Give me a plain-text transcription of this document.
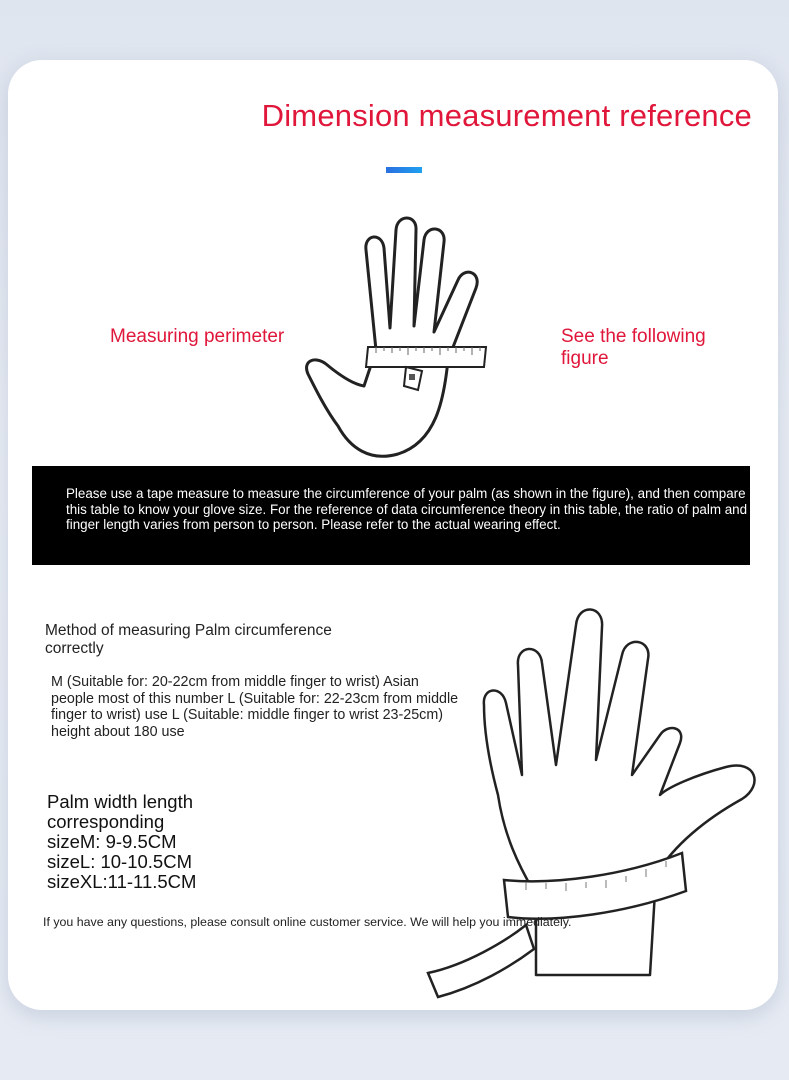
Dimension measurement reference
Measuring perimeter	See the following figure

Please use a tape measure to measure the circumference of your palm (as shown in the figure), and then compare this table to know your glove size. For the reference of data circumference theory in this table, the ratio of palm and finger length varies from person to person. Please refer to the actual wearing effect.

Method of measuring Palm circumference correctly
M (Suitable for: 20-22cm from middle finger to wrist) Asian people most of this number L (Suitable for: 22-23cm from middle finger to wrist) use L (Suitable: middle finger to wrist 23-25cm) height about 180 use
Palm width length corresponding
sizeM: 9-9.5CM
sizeL: 10-10.5CM
sizeXL:11-11.5CM
If you have any questions, please consult online customer service. We will help you immediately.
